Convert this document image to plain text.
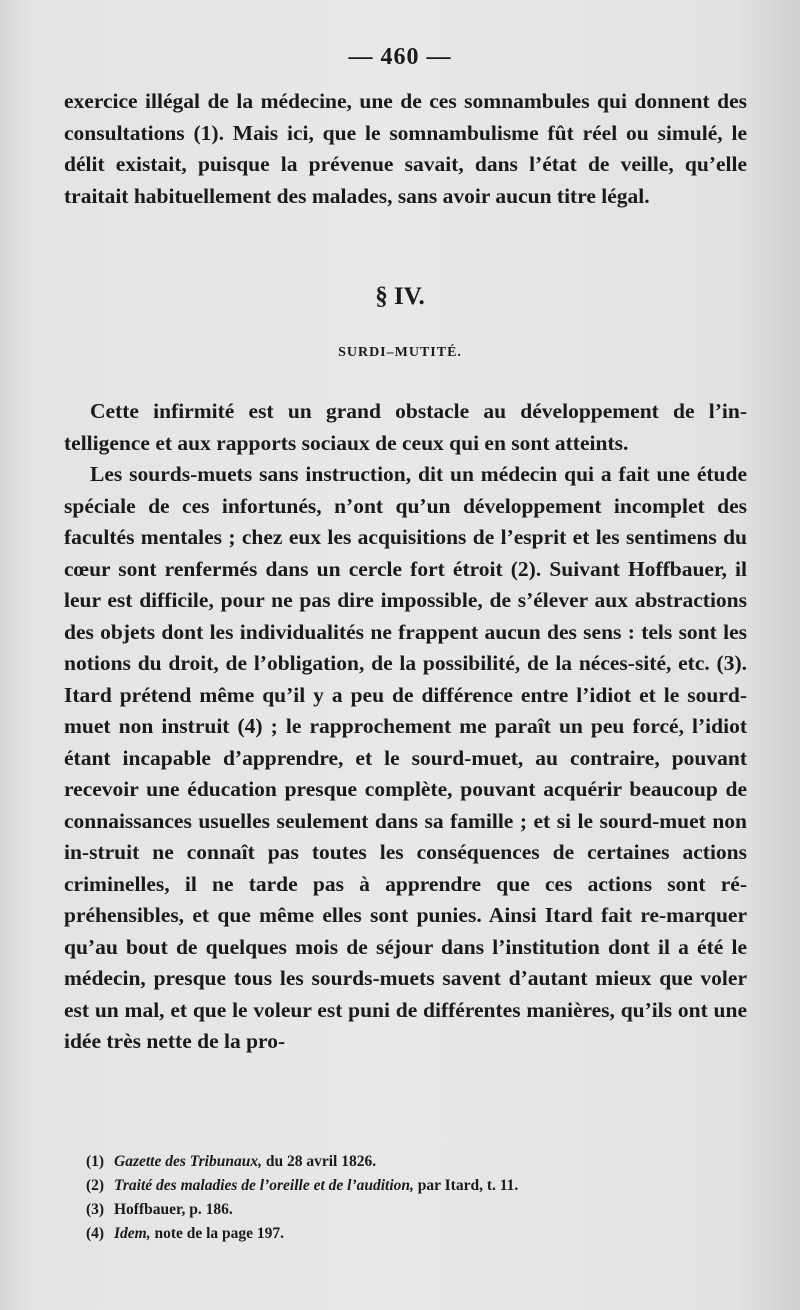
— 460 —

exercice illégal de la médecine, une de ces somnambules qui donnent des consultations (1). Mais ici, que le somnambulisme fût réel ou simulé, le délit existait, puisque la prévenue savait, dans l’état de veille, qu’elle traitait habituellement des malades, sans avoir aucun titre légal.

§ IV.
SURDI–MUTITÉ.

Cette infirmité est un grand obstacle au développement de l’in-telligence et aux rapports sociaux de ceux qui en sont atteints.

Les sourds-muets sans instruction, dit un médecin qui a fait une étude spéciale de ces infortunés, n’ont qu’un développement incomplet des facultés mentales ; chez eux les acquisitions de l’esprit et les sentimens du cœur sont renfermés dans un cercle fort étroit (2). Suivant Hoffbauer, il leur est difficile, pour ne pas dire impossible, de s’élever aux abstractions des objets dont les individualités ne frappent aucun des sens : tels sont les notions du droit, de l’obligation, de la possibilité, de la néces-sité, etc. (3). Itard prétend même qu’il y a peu de différence entre l’idiot et le sourd-muet non instruit (4) ; le rapprochement me paraît un peu forcé, l’idiot étant incapable d’apprendre, et le sourd-muet, au contraire, pouvant recevoir une éducation presque complète, pouvant acquérir beaucoup de connaissances usuelles seulement dans sa famille ; et si le sourd-muet non in-struit ne connaît pas toutes les conséquences de certaines actions criminelles, il ne tarde pas à apprendre que ces actions sont ré-préhensibles, et que même elles sont punies. Ainsi Itard fait re-marquer qu’au bout de quelques mois de séjour dans l’institution dont il a été le médecin, presque tous les sourds-muets savent d’autant mieux que voler est un mal, et que le voleur est puni de différentes manières, qu’ils ont une idée très nette de la pro-

(1) Gazette des Tribunaux, du 28 avril 1826.
(2) Traité des maladies de l’oreille et de l’audition, par Itard, t. 11.
(3) Hoffbauer, p. 186.
(4) Idem, note de la page 197.
